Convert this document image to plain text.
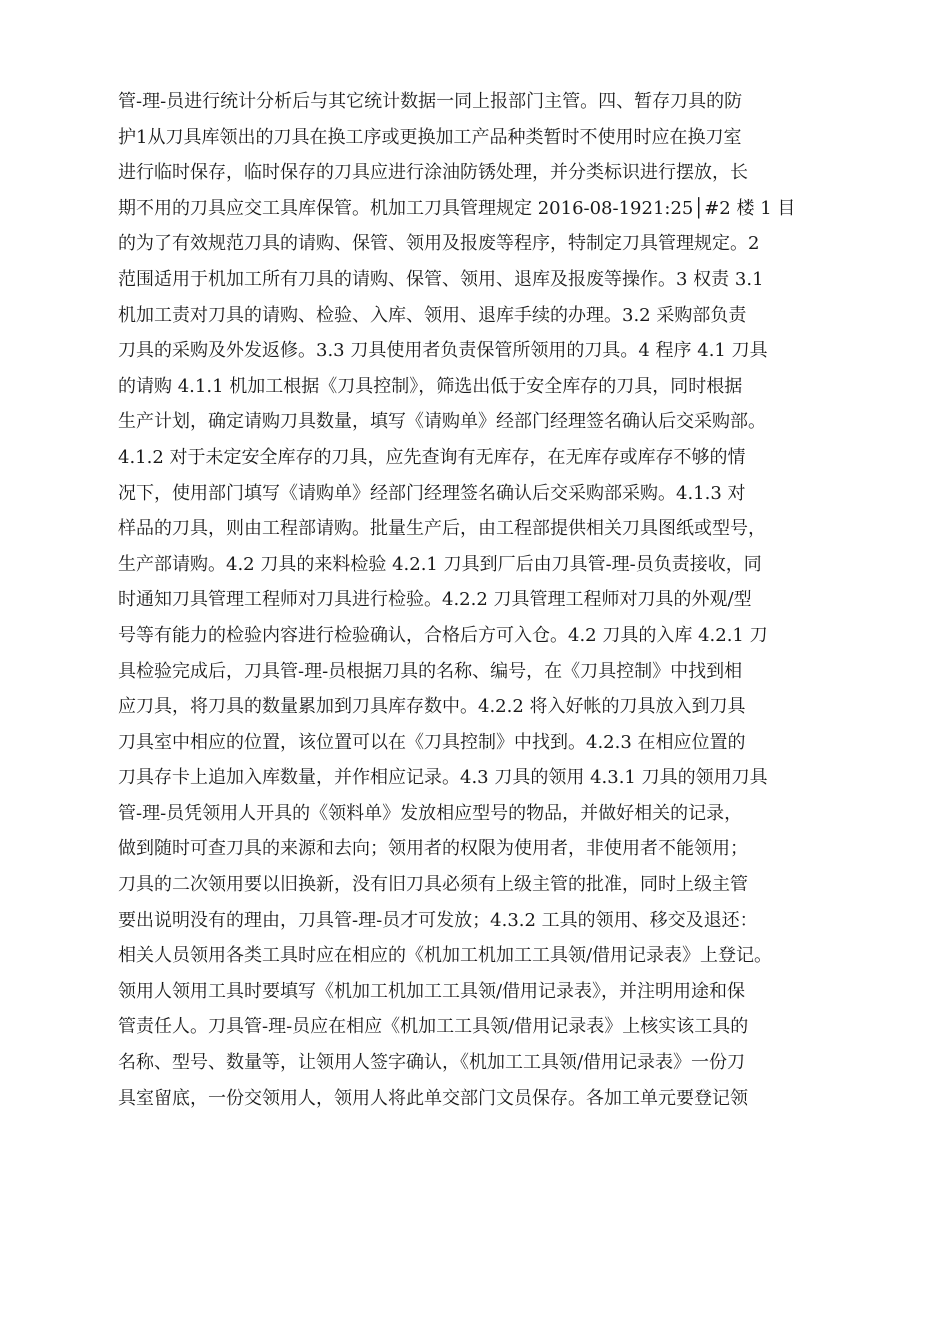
管-理-员进行统计分析后与其它统计数据一同上报部门主管。四、暂存刀具的防
护1从刀具库领出的刀具在换工序或更换加工产品种类暂时不使用时应在换刀室
进行临时保存，临时保存的刀具应进行涂油防锈处理，并分类标识进行摆放，长
期不用的刀具应交工具库保管。机加工刀具管理规定 2016-08-1921:25│#2 楼 1 目
的为了有效规范刀具的请购、保管、领用及报废等程序，特制定刀具管理规定。2
范围适用于机加工所有刀具的请购、保管、领用、退库及报废等操作。3 权责 3.1
机加工责对刀具的请购、检验、入库、领用、退库手续的办理。3.2 采购部负责
刀具的采购及外发返修。3.3 刀具使用者负责保管所领用的刀具。4 程序 4.1 刀具
的请购 4.1.1 机加工根据《刀具控制》，筛选出低于安全库存的刀具，同时根据
生产计划，确定请购刀具数量，填写《请购单》经部门经理签名确认后交采购部。
4.1.2 对于未定安全库存的刀具，应先查询有无库存，在无库存或库存不够的情
况下，使用部门填写《请购单》经部门经理签名确认后交采购部采购。4.1.3 对
样品的刀具，则由工程部请购。批量生产后，由工程部提供相关刀具图纸或型号，
生产部请购。4.2 刀具的来料检验 4.2.1 刀具到厂后由刀具管-理-员负责接收，同
时通知刀具管理工程师对刀具进行检验。4.2.2 刀具管理工程师对刀具的外观/型
号等有能力的检验内容进行检验确认，合格后方可入仓。4.2 刀具的入库 4.2.1 刀
具检验完成后，刀具管-理-员根据刀具的名称、编号，在《刀具控制》中找到相
应刀具，将刀具的数量累加到刀具库存数中。4.2.2 将入好帐的刀具放入到刀具
刀具室中相应的位置，该位置可以在《刀具控制》中找到。4.2.3 在相应位置的
刀具存卡上追加入库数量，并作相应记录。4.3 刀具的领用 4.3.1 刀具的领用刀具
管-理-员凭领用人开具的《领料单》发放相应型号的物品，并做好相关的记录，
做到随时可查刀具的来源和去向；领用者的权限为使用者，非使用者不能领用；
刀具的二次领用要以旧换新，没有旧刀具必须有上级主管的批准，同时上级主管
要出说明没有的理由，刀具管-理-员才可发放；4.3.2 工具的领用、移交及退还：
相关人员领用各类工具时应在相应的《机加工机加工工具领/借用记录表》上登记。
领用人领用工具时要填写《机加工机加工工具领/借用记录表》，并注明用途和保
管责任人。刀具管-理-员应在相应《机加工工具领/借用记录表》上核实该工具的
名称、型号、数量等，让领用人签字确认，《机加工工具领/借用记录表》一份刀
具室留底，一份交领用人，领用人将此单交部门文员保存。各加工单元要登记领
